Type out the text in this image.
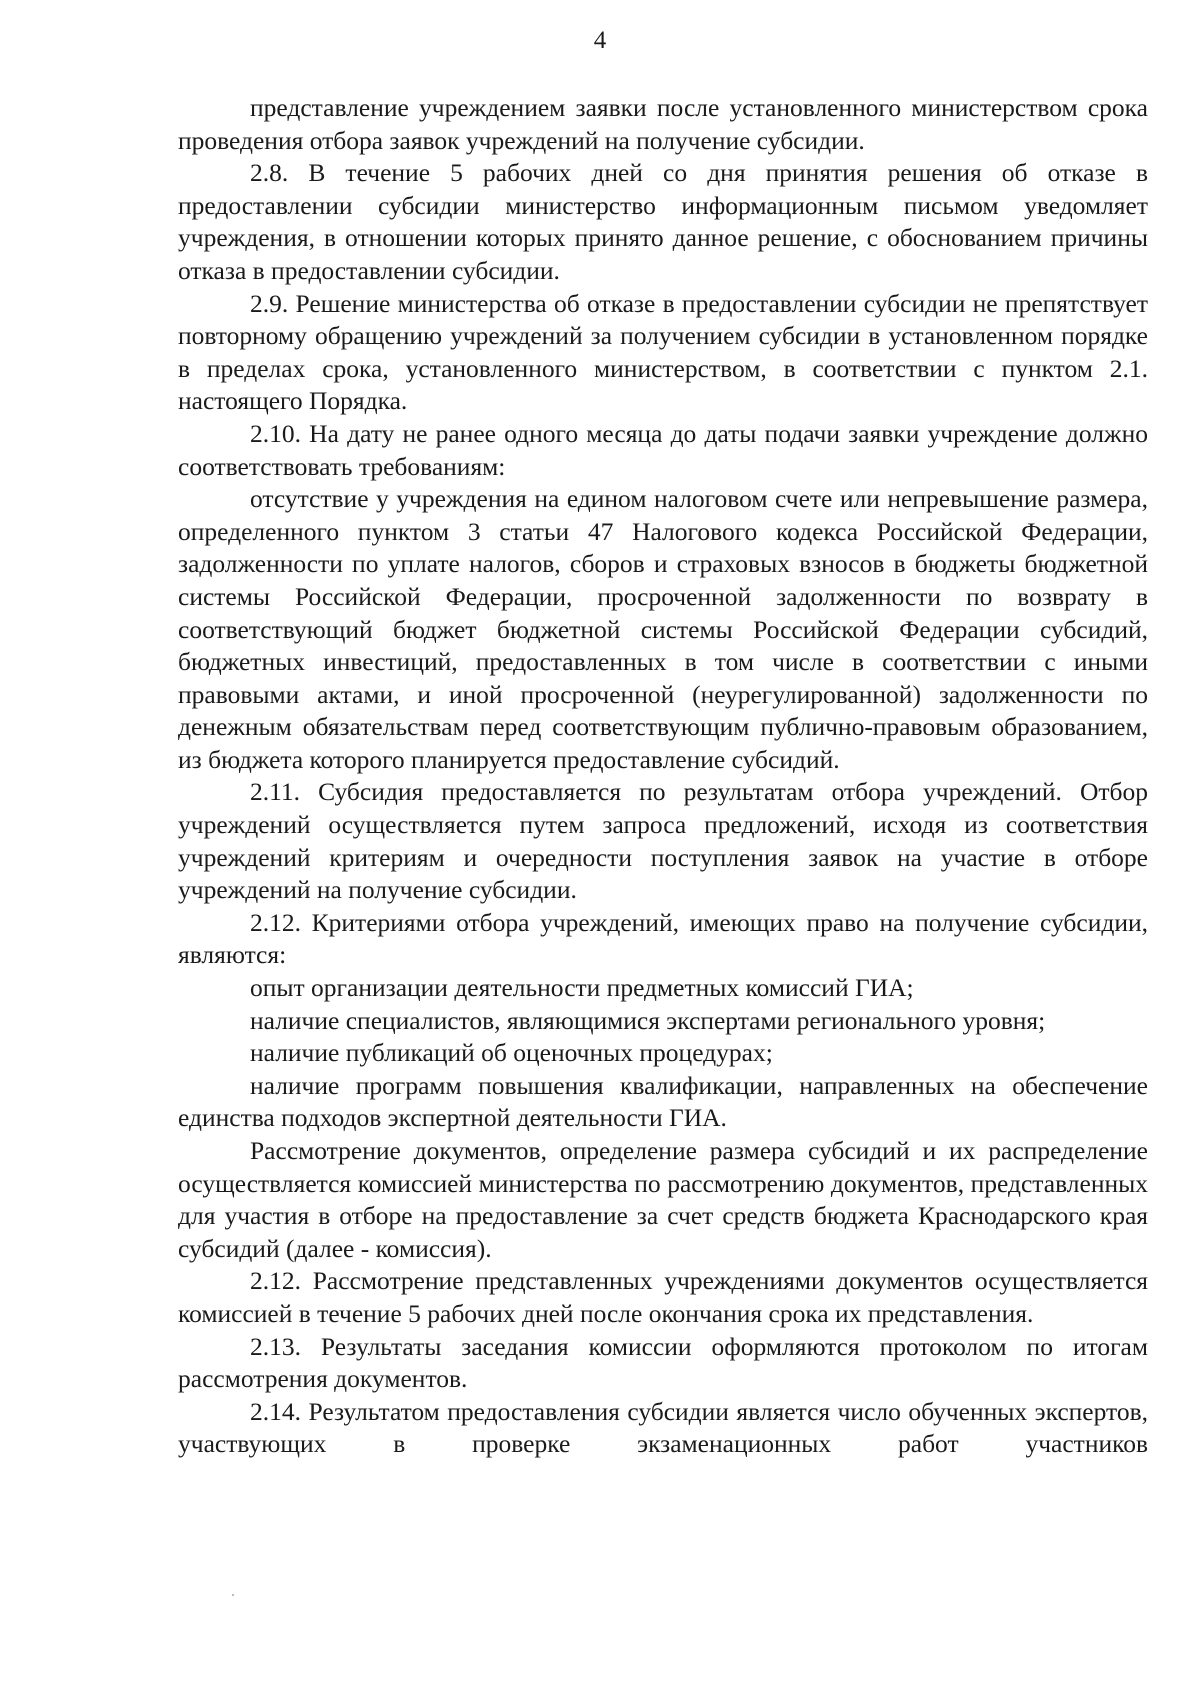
4

представление учреждением заявки после установленного министерством срока проведения отбора заявок учреждений на получение субсидии.

2.8. В течение 5 рабочих дней со дня принятия решения об отказе в предоставлении субсидии министерство информационным письмом уведомляет учреждения, в отношении которых принято данное решение, с обоснованием причины отказа в предоставлении субсидии.

2.9. Решение министерства об отказе в предоставлении субсидии не препятствует повторному обращению учреждений за получением субсидии в установленном порядке в пределах срока, установленного министерством, в соответствии с пунктом 2.1. настоящего Порядка.

2.10. На дату не ранее одного месяца до даты подачи заявки учреждение должно соответствовать требованиям:

отсутствие у учреждения на едином налоговом счете или непревышение размера, определенного пунктом 3 статьи 47 Налогового кодекса Российской Федерации, задолженности по уплате налогов, сборов и страховых взносов в бюджеты бюджетной системы Российской Федерации, просроченной задолженности по возврату в соответствующий бюджет бюджетной системы Российской Федерации субсидий, бюджетных инвестиций, предоставленных в том числе в соответствии с иными правовыми актами, и иной просроченной (неурегулированной) задолженности по денежным обязательствам перед соответствующим публично-правовым образованием, из бюджета которого планируется предоставление субсидий.

2.11. Субсидия предоставляется по результатам отбора учреждений. Отбор учреждений осуществляется путем запроса предложений, исходя из соответствия учреждений критериям и очередности поступления заявок на участие в отборе учреждений на получение субсидии.

2.12. Критериями отбора учреждений, имеющих право на получение субсидии, являются:

опыт организации деятельности предметных комиссий ГИА;

наличие специалистов, являющимися экспертами регионального уровня;

наличие публикаций об оценочных процедурах;

наличие программ повышения квалификации, направленных на обеспечение единства подходов экспертной деятельности ГИА.

Рассмотрение документов, определение размера субсидий и их распределение осуществляется комиссией министерства по рассмотрению документов, представленных для участия в отборе на предоставление за счет средств бюджета Краснодарского края субсидий (далее - комиссия).

2.12. Рассмотрение представленных учреждениями документов осуществляется комиссией в течение 5 рабочих дней после окончания срока их представления.

2.13. Результаты заседания комиссии оформляются протоколом по итогам рассмотрения документов.

2.14. Результатом предоставления субсидии является число обученных экспертов, участвующих в проверке экзаменационных работ участников
